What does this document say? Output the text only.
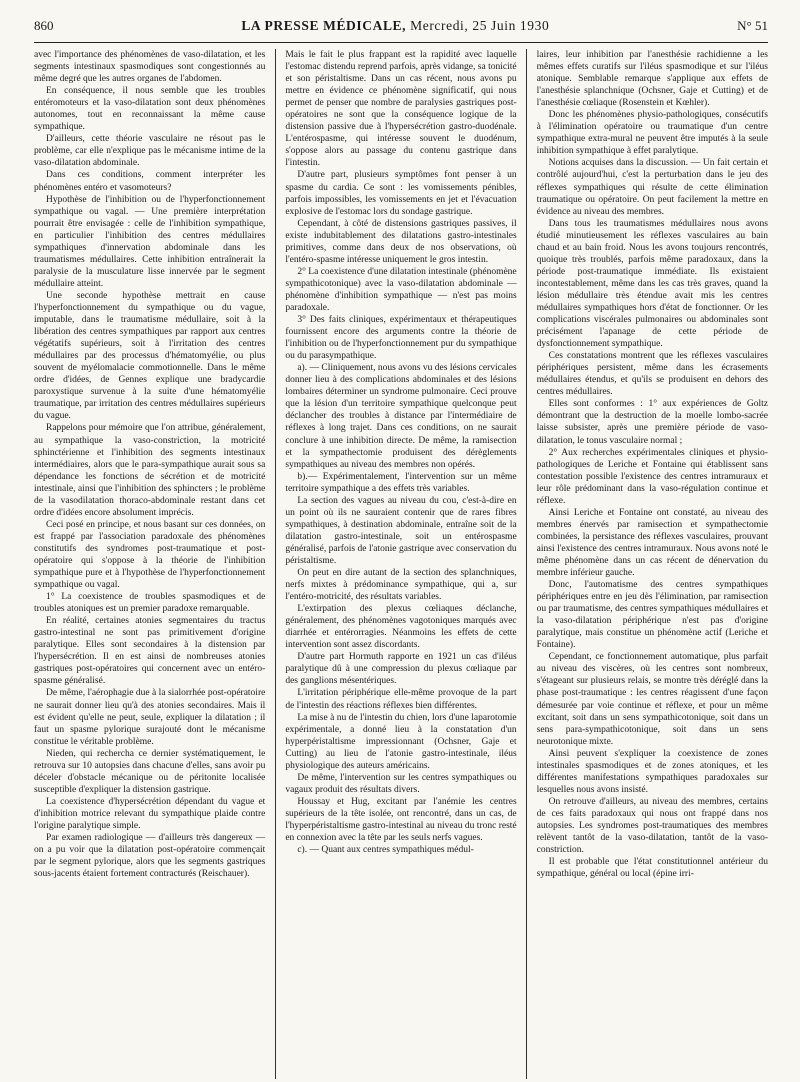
860	LA PRESSE MÉDICALE, Mercredi, 25 Juin 1930	N° 51

avec l'importance des phénomènes de vaso-dilatation, et les segments intestinaux spasmodiques sont congestionnés au même degré que les autres organes de l'abdomen.

En conséquence, il nous semble que les troubles entéromoteurs et la vaso-dilatation sont deux phénomènes autonomes, tout en reconnaissant la même cause sympathique.

D'ailleurs, cette théorie vasculaire ne résout pas le problème, car elle n'explique pas le mécanisme intime de la vaso-dilatation abdominale.

Dans ces conditions, comment interpréter les phénomènes entéro et vasomoteurs?

Hypothèse de l'inhibition ou de l'hyperfonctionnement sympathique ou vagal. — Une première interprétation pourrait être envisagée : celle de l'inhibition sympathique, en particulier l'inhibition des centres médullaires sympathiques d'innervation abdominale dans les traumatismes médullaires. Cette inhibition entraînerait la paralysie de la musculature lisse innervée par le segment médullaire atteint.

Une seconde hypothèse mettrait en cause l'hyperfonctionnement du sympathique ou du vague, imputable, dans le traumatisme médullaire, soit à la libération des centres sympathiques par rapport aux centres végétatifs supérieurs, soit à l'irritation des centres médullaires par des processus d'hématomyélie, ou plus souvent de myélomalacie commotionnelle. Dans le même ordre d'idées, de Gennes explique une bradycardie paroxystique survenue à la suite d'une hématomyélie traumatique, par irritation des centres médullaires supérieurs du vague.

Rappelons pour mémoire que l'on attribue, généralement, au sympathique la vaso-constriction, la motricité sphinctérienne et l'inhibition des segments intestinaux intermédiaires, alors que le para-sympathique aurait sous sa dépendance les fonctions de sécrétion et de motricité intestinale, ainsi que l'inhibition des sphincters ; le problème de la vasodilatation thoraco-abdominale restant dans cet ordre d'idées encore absolument imprécis.

Ceci posé en principe, et nous basant sur ces données, on est frappé par l'association paradoxale des phénomènes constitutifs des syndromes post-traumatique et post-opératoire qui s'oppose à la théorie de l'inhibition sympathique pure et à l'hypothèse de l'hyperfonctionnement sympathique ou vagal.

1° La coexistence de troubles spasmodiques et de troubles atoniques est un premier paradoxe remarquable.

En réalité, certaines atonies segmentaires du tractus gastro-intestinal ne sont pas primitivement d'origine paralytique. Elles sont secondaires à la distension par l'hypersécrétion. Il en est ainsi de nombreuses atonies gastriques post-opératoires qui concernent avec un entéro-spasme généralisé.

De même, l'aérophagie due à la sialorrhée post-opératoire ne saurait donner lieu qu'à des atonies secondaires. Mais il est évident qu'elle ne peut, seule, expliquer la dilatation ; il faut un spasme pylorique surajouté dont le mécanisme constitue le véritable problème.

Nieden, qui rechercha ce dernier systématiquement, le retrouva sur 10 autopsies dans chacune d'elles, sans avoir pu déceler d'obstacle mécanique ou de péritonite localisée susceptible d'expliquer la distension gastrique.

La coexistence d'hypersécrétion dépendant du vague et d'inhibition motrice relevant du sympathique plaide contre l'origine paralytique simple.

Par examen radiologique — d'ailleurs très dangereux — on a pu voir que la dilatation post-opératoire commençait par le segment pylorique, alors que les segments gastriques sous-jacents étaient fortement contracturés (Reischauer).

Mais le fait le plus frappant est la rapidité avec laquelle l'estomac distendu reprend parfois, après vidange, sa tonicité et son péristaltisme. Dans un cas récent, nous avons pu mettre en évidence ce phénomène significatif, qui nous permet de penser que nombre de paralysies gastriques post-opératoires ne sont que la conséquence logique de la distension passive due à l'hypersécrétion gastro-duodénale. L'entérospasme, qui intéresse souvent le duodénum, s'oppose alors au passage du contenu gastrique dans l'intestin.

D'autre part, plusieurs symptômes font penser à un spasme du cardia. Ce sont : les vomissements pénibles, parfois impossibles, les vomissements en jet et l'évacuation explosive de l'estomac lors du sondage gastrique.

Cependant, à côté de distensions gastriques passives, il existe indubitablement des dilatations gastro-intestinales primitives, comme dans deux de nos observations, où l'entéro-spasme intéresse uniquement le gros intestin.

2° La coexistence d'une dilatation intestinale (phénomène sympathicotonique) avec la vaso-dilatation abdominale — phénomène d'inhibition sympathique — n'est pas moins paradoxale.

3° Des faits cliniques, expérimentaux et thérapeutiques fournissent encore des arguments contre la théorie de l'inhibition ou de l'hyperfonctionnement pur du sympathique ou du parasympathique.

a). — Cliniquement, nous avons vu des lésions cervicales donner lieu à des complications abdominales et des lésions lombaires déterminer un syndrome pulmonaire. Ceci prouve que la lésion d'un territoire sympathique quelconque peut déclancher des troubles à distance par l'intermédiaire de réflexes à long trajet. Dans ces conditions, on ne saurait conclure à une inhibition directe. De même, la ramisection et la sympathectomie produisent des dérèglements sympathiques au niveau des membres non opérés.

b).— Expérimentalement, l'intervention sur un même territoire sympathique a des effets très variables.

La section des vagues au niveau du cou, c'est-à-dire en un point où ils ne sauraient contenir que de rares fibres sympathiques, à destination abdominale, entraîne soit de la dilatation gastro-intestinale, soit un entérospasme généralisé, parfois de l'atonie gastrique avec conservation du péristaltisme.

On peut en dire autant de la section des splanchniques, nerfs mixtes à prédominance sympathique, qui a, sur l'entéro-motricité, des résultats variables.

L'extirpation des plexus cœliaques déclanche, généralement, des phénomènes vagotoniques marqués avec diarrhée et entérorragies. Néanmoins les effets de cette intervention sont assez discordants.

D'autre part Hormuth rapporte en 1921 un cas d'iléus paralytique dû à une compression du plexus cœliaque par des ganglions mésentériques.

L'irritation périphérique elle-même provoque de la part de l'intestin des réactions réflexes bien différentes.

La mise à nu de l'intestin du chien, lors d'une laparotomie expérimentale, a donné lieu à la constatation d'un hyperpéristaltisme impressionnant (Ochsner, Gaje et Cutting) au lieu de l'atonie gastro-intestinale, iléus physiologique des auteurs américains.

De même, l'intervention sur les centres sympathiques ou vagaux produit des résultats divers.

Houssay et Hug, excitant par l'anémie les centres supérieurs de la tête isolée, ont rencontré, dans un cas, de l'hyperpéristaltisme gastro-intestinal au niveau du tronc resté en connexion avec la tête par les seuls nerfs vagues.

c). — Quant aux centres sympathiques médul-

laires, leur inhibition par l'anesthésie rachidienne a les mêmes effets curatifs sur l'iléus spasmodique et sur l'iléus atonique. Semblable remarque s'applique aux effets de l'anesthésie splanchnique (Ochsner, Gaje et Cutting) et de l'anesthésie cœliaque (Rosenstein et Kœhler).

Donc les phénomènes physio-pathologiques, consécutifs à l'élimination opératoire ou traumatique d'un centre sympathique extra-mural ne peuvent être imputés à la seule inhibition sympathique à effet paralytique.

Notions acquises dans la discussion. — Un fait certain et contrôlé aujourd'hui, c'est la perturbation dans le jeu des réflexes sympathiques qui résulte de cette élimination traumatique ou opératoire. On peut facilement la mettre en évidence au niveau des membres.

Dans tous les traumatismes médullaires nous avons étudié minutieusement les réflexes vasculaires au bain chaud et au bain froid. Nous les avons toujours rencontrés, quoique très troublés, parfois même paradoxaux, dans la période post-traumatique immédiate. Ils existaient incontestablement, même dans les cas très graves, quand la lésion médullaire très étendue avait mis les centres médullaires sympathiques hors d'état de fonctionner. Or les complications viscérales pulmonaires ou abdominales sont précisément l'apanage de cette période de dysfonctionnement sympathique.

Ces constatations montrent que les réflexes vasculaires périphériques persistent, même dans les écrasements médullaires étendus, et qu'ils se produisent en dehors des centres médullaires.

Elles sont conformes : 1° aux expériences de Goltz démontrant que la destruction de la moelle lombo-sacrée laisse subsister, après une première période de vaso-dilatation, le tonus vasculaire normal ;

2° Aux recherches expérimentales cliniques et physio-pathologiques de Leriche et Fontaine qui établissent sans contestation possible l'existence des centres intramuraux et leur rôle prédominant dans la vaso-régulation continue et réflexe.

Ainsi Leriche et Fontaine ont constaté, au niveau des membres énervés par ramisection et sympathectomie combinées, la persistance des réflexes vasculaires, prouvant ainsi l'existence des centres intramuraux. Nous avons noté le même phénomène dans un cas récent de dénervation du membre inférieur gauche.

Donc, l'automatisme des centres sympathiques périphériques entre en jeu dès l'élimination, par ramisection ou par traumatisme, des centres sympathiques médullaires et la vaso-dilatation périphérique n'est pas d'origine paralytique, mais constitue un phénomène actif (Leriche et Fontaine).

Cependant, ce fonctionnement automatique, plus parfait au niveau des viscères, où les centres sont nombreux, s'étageant sur plusieurs relais, se montre très déréglé dans la phase post-traumatique : les centres réagissent d'une façon démesurée par voie continue et réflexe, et pour un même excitant, soit dans un sens sympathicotonique, soit dans un sens para-sympathicotonique, soit dans un sens neurotonique mixte.

Ainsi peuvent s'expliquer la coexistence de zones intestinales spasmodiques et de zones atoniques, et les différentes manifestations sympathiques paradoxales sur lesquelles nous avons insisté.

On retrouve d'ailleurs, au niveau des membres, certains de ces faits paradoxaux qui nous ont frappé dans nos autopsies. Les syndromes post-traumatiques des membres relèvent tantôt de la vaso-dilatation, tantôt de la vaso-constriction.

Il est probable que l'état constitutionnel antérieur du sympathique, général ou local (épine irri-
